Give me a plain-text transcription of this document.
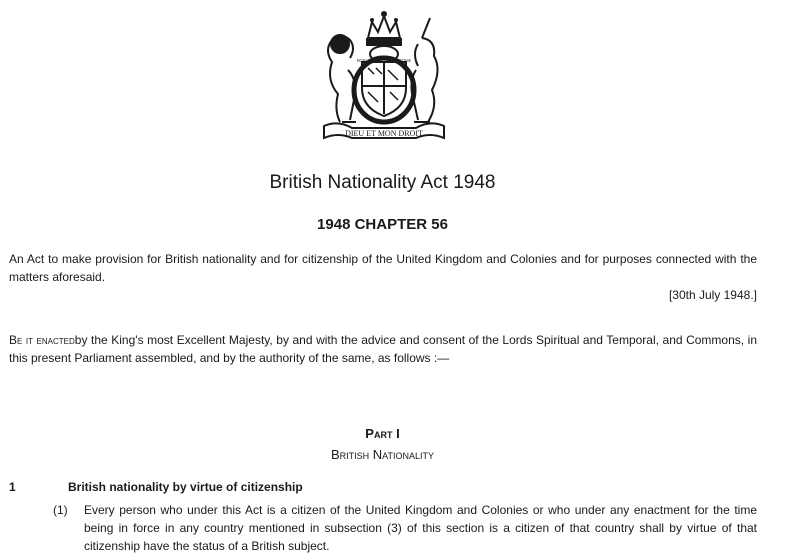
DIEU ET MON DROIT
HONI SOIT QUI MAL Y PENSE
British Nationality Act 1948
1948 CHAPTER 56
An Act to make provision for British nationality and for citizenship of the United Kingdom and Colonies and for purposes connected with the matters aforesaid.
[30th July 1948.]
Be it enactedby the King's most Excellent Majesty, by and with the advice and consent of the Lords Spiritual and Temporal, and Commons, in this present Parliament assembled, and by the authority of the same, as follows :—
Part I
British Nationality
1	British nationality by virtue of citizenship
(1) Every person who under this Act is a citizen of the United Kingdom and Colonies or who under any enactment for the time being in force in any country mentioned in subsection (3) of this section is a citizen of that country shall by virtue of that citizenship have the status of a British subject.
